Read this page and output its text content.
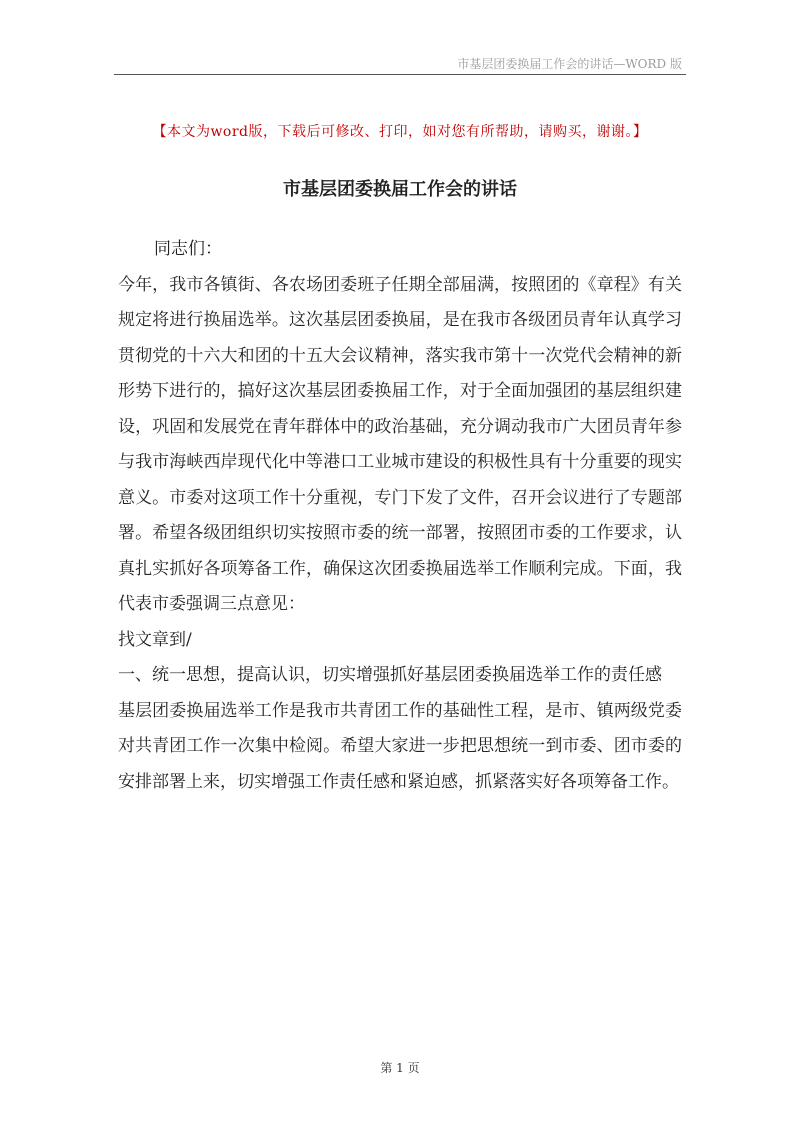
市基层团委换届工作会的讲话—WORD 版
【本文为word版，下载后可修改、打印，如对您有所帮助，请购买，谢谢。】
市基层团委换届工作会的讲话

同志们：

今年，我市各镇街、各农场团委班子任期全部届满，按照团的《章程》有关规定将进行换届选举。这次基层团委换届，是在我市各级团员青年认真学习贯彻党的十六大和团的十五大会议精神，落实我市第十一次党代会精神的新形势下进行的，搞好这次基层团委换届工作，对于全面加强团的基层组织建设，巩固和发展党在青年群体中的政治基础，充分调动我市广大团员青年参与我市海峡西岸现代化中等港口工业城市建设的积极性具有十分重要的现实意义。市委对这项工作十分重视，专门下发了文件，召开会议进行了专题部署。希望各级团组织切实按照市委的统一部署，按照团市委的工作要求，认真扎实抓好各项筹备工作，确保这次团委换届选举工作顺利完成。下面，我代表市委强调三点意见：

找文章到/

一、统一思想，提高认识，切实增强抓好基层团委换届选举工作的责任感

基层团委换届选举工作是我市共青团工作的基础性工程，是市、镇两级党委对共青团工作一次集中检阅。希望大家进一步把思想统一到市委、团市委的安排部署上来，切实增强工作责任感和紧迫感，抓紧落实好各项筹备工作。

第 1 页
